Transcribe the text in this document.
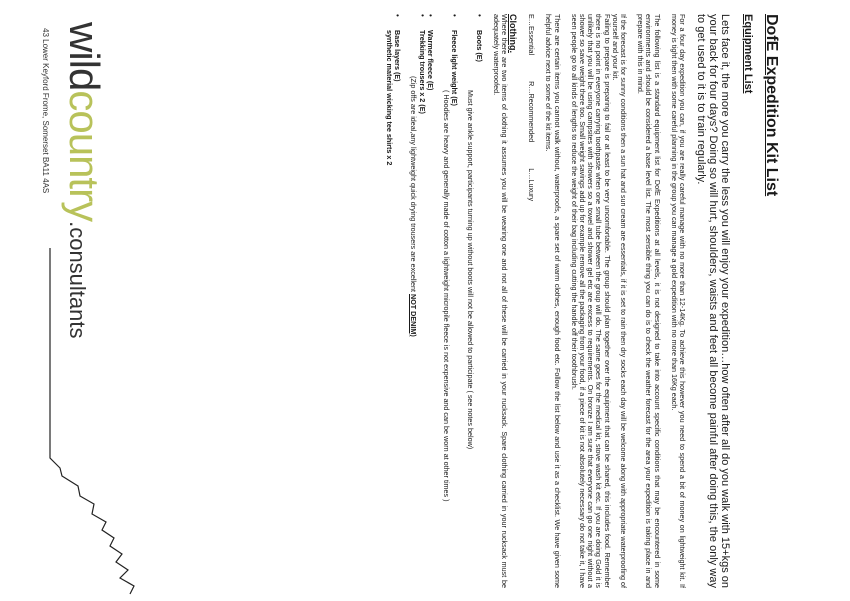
DofE Expedition Kit List
Equipment List

Lets face it, the more you carry the less you will enjoy your expedition…how often after all do you walk with 15+kgs on your back for four days? Doing so will hurt, shoulders, waists and feet all become painful after doing this, the only way to get used to it is to train regularly.

For a four day expedition you can, if you are really careful manage with no more than 12-14Kg. To achieve this however you need to spend a bit of money on lightweight kit. If money is tight then with some careful planning in the group you can manage a gold expedition with no more than 16Kg each.

The following list is a standard equipment list for DofE Expeditions at all levels, it is not designed to take into account specific conditions that may be encountered in some environments and should be considered a base level list. The most sensible thing you can do is to check the weather forecast for the area your expedition is taking place in and prepare with this in mind.

If the forecast is for sunny conditions then a sun hat and sun cream are essentials, if it is set to rain then dry socks each day will be welcome along with appropriate waterproofing of yourself and your kit.

Failing to prepare is preparing to fail or at least to be very uncomfortable. The group should plan together over the equipment that can be shared, this includes food. Remember there is no point in everyone carrying toothpaste when one small tube between the group will do. The same goes for the medical kit, stove wash kit etc. If you are doing Gold it is unlikely that you will be using campsites with showers so a towel and shower gel etc are excess to requirements. On bronze I am sure that everyone can go one night without a shower so save weight there too. Small weight savings add up for example remove all the packaging from your food, if a piece of kit is not absolutely necessary do not take it, I have seen people go to all kinds of lengths to reduce the weight of their bag including cutting the handle off their toothbrush.

There are certain items you cannot walk without, waterproofs, a spare set of warm clothes, enough food etc. Follow the list below and use it as a checklist. We have given some helpful advice next to some of the kit items.

E…Essential
R…Recommended
L…Luxury
Clothing.

Where there are two items of clothing it assumes you will be wearing one and not all of these will be carried in your rucksack. Spare clothing carried in your rucksack must be adequately waterproofed.

• Boots (E)
Must give ankle support, participants turning up without boots will not be allowed to participate ( see notes below)
• Fleece light weight (E)
( Hoodies are heavy and generally made of cotton a lightweight micropile fleece is not expensive and can be worn at other times )
• Warmer fleece (E)
• Trekking trousers x 2 (E)
(Zip offs are ideal,any lightweight quick drying trousers are excellent NOT DENIM)
• Base layers (E)
synthetic material wicking tee shirts x 2
wildcountry.consultants
43 Lower Keyford Frome, Somerset BA11 4AS
